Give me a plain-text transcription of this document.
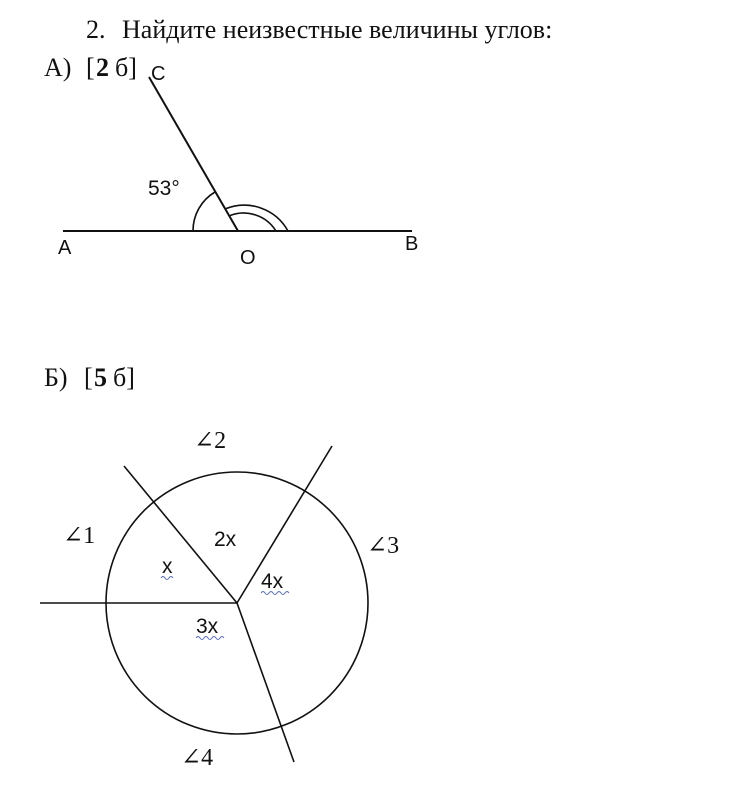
2. Найдите неизвестные величины углов:
А) [ 2 б]
53°
C
A	O
B
Б) [ 5 б]
∠1
∠2
∠3
∠4
x
2x
4x
3x
